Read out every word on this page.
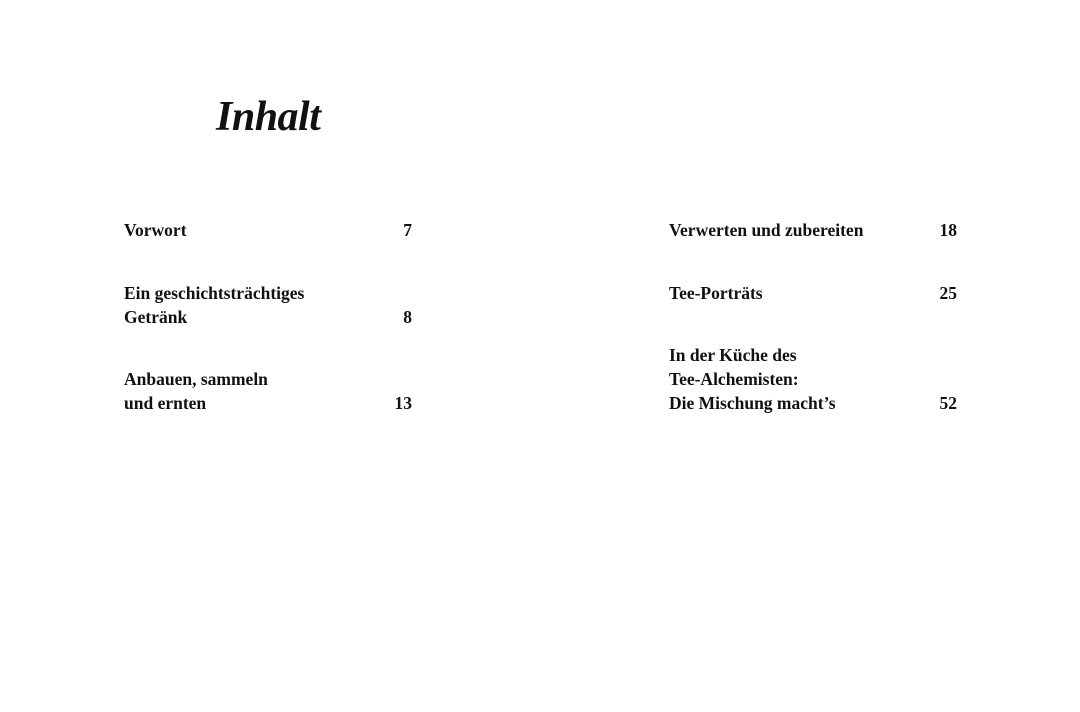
Inhalt
Vorwort	7
Ein geschichtsträchtiges
Getränk	8
Anbauen, sammeln
und ernten	13
Verwerten und zubereiten	18
Tee-Porträts	25
In der Küche des
Tee-Alchemisten:
Die Mischung macht’s	52
